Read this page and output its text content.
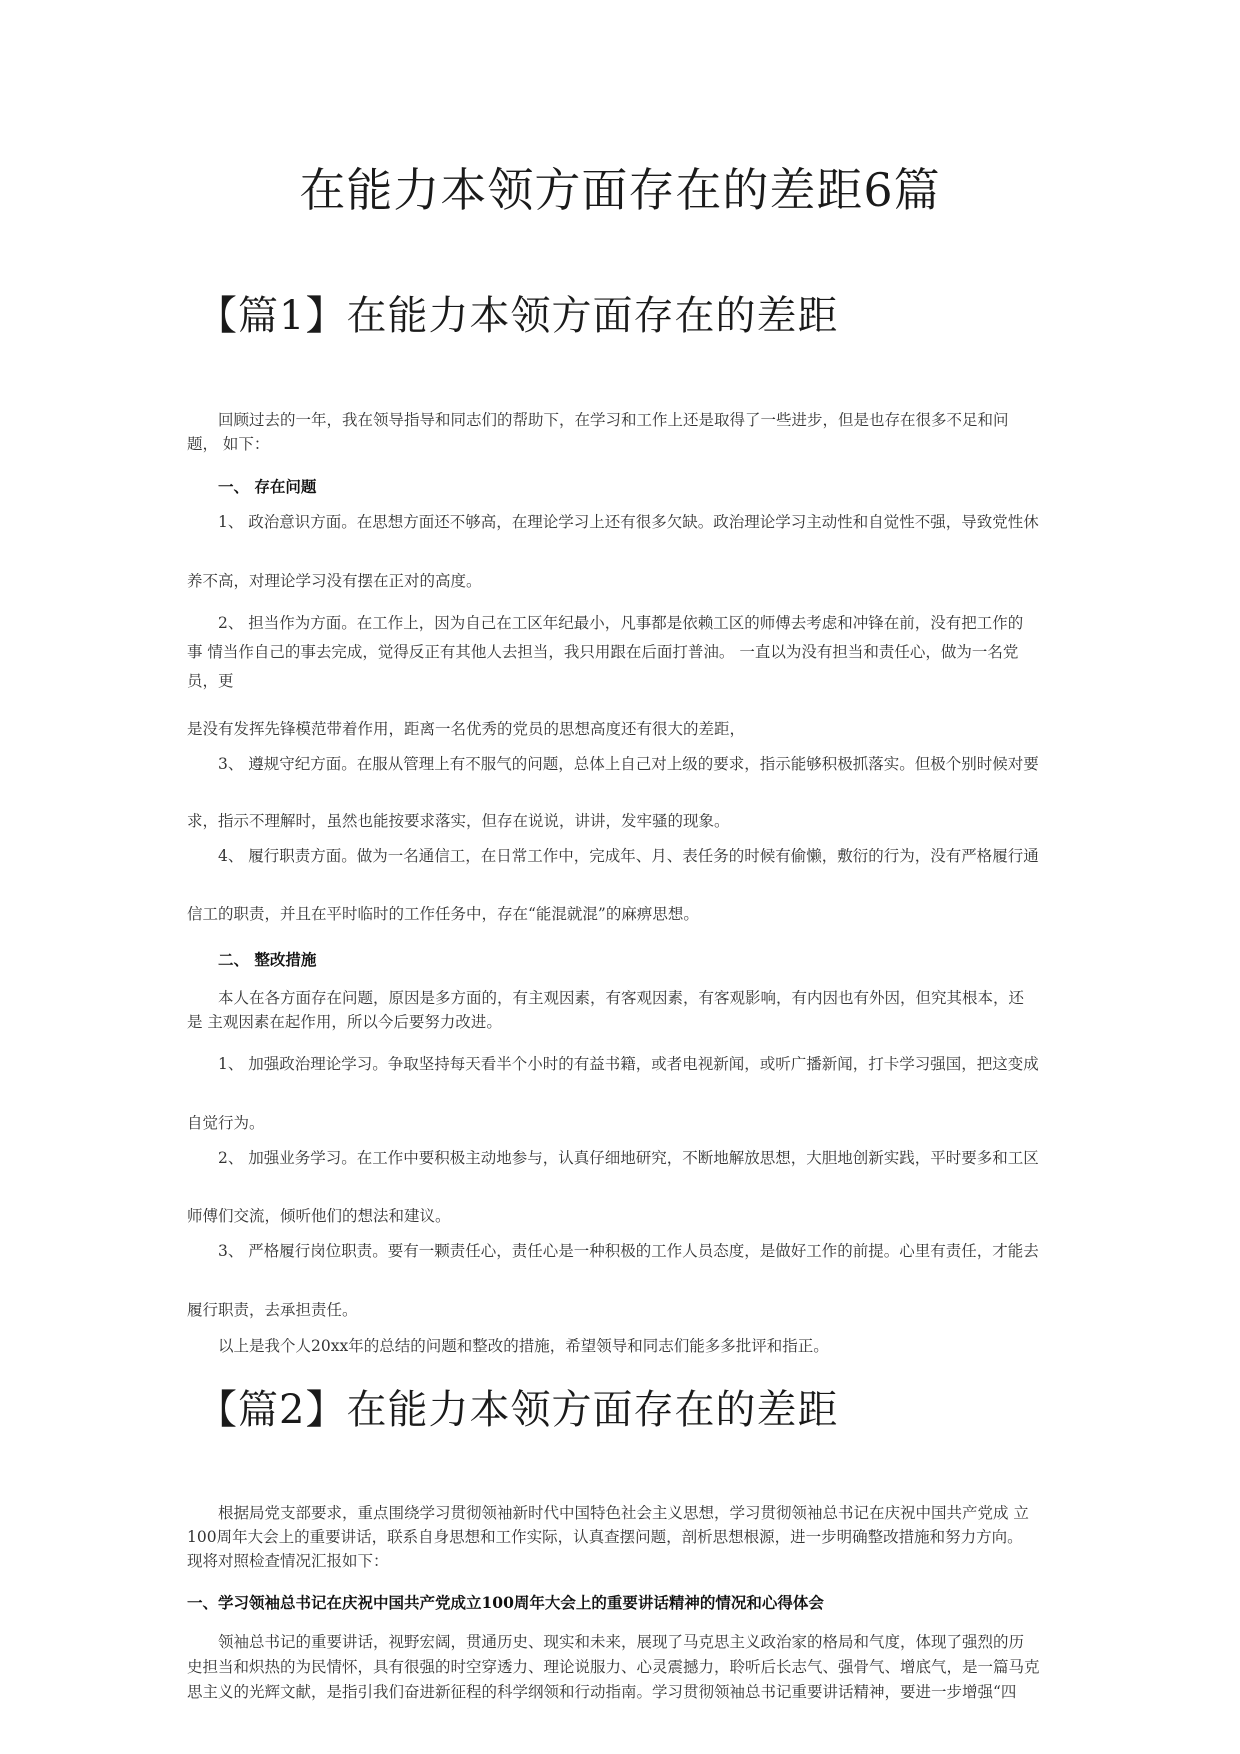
在能力本领方面存在的差距6篇
【篇1】在能力本领方面存在的差距
回顾过去的一年，我在领导指导和同志们的帮助下，在学习和工作上还是取得了一些进步，但是也存在很多不足和问
题， 如下：
一、 存在问题
1、 政治意识方面。在思想方面还不够高，在理论学习上还有很多欠缺。政治理论学习主动性和自觉性不强，导致党性休
养不高，对理论学习没有摆在正对的高度。
2、 担当作为方面。在工作上，因为自己在工区年纪最小，凡事都是依赖工区的师傅去考虑和冲锋在前，没有把工作的
事 情当作自己的事去完成，觉得反正有其他人去担当，我只用跟在后面打普油。 一直以为没有担当和责任心，做为一名党
员，更
是没有发挥先锋模范带着作用，距离一名优秀的党员的思想高度还有很大的差距，
3、 遵规守纪方面。在服从管理上有不服气的问题，总体上自己对上级的要求，指示能够积极抓落实。但极个别时候对要
求，指示不理解时，虽然也能按要求落实，但存在说说，讲讲，发牢骚的现象。
4、 履行职责方面。做为一名通信工，在日常工作中，完成年、月、表任务的时候有偷懒，敷衍的行为，没有严格履行通
信工的职责，并且在平时临时的工作任务中，存在“能混就混”的麻痹思想。
二、 整改措施
本人在各方面存在问题，原因是多方面的，有主观因素，有客观因素，有客观影响，有内因也有外因，但究其根本，还
是 主观因素在起作用，所以今后要努力改进。
1、 加强政治理论学习。争取坚持每天看半个小时的有益书籍，或者电视新闻，或听广播新闻，打卡学习强国，把这变成
自觉行为。
2、 加强业务学习。在工作中要积极主动地参与，认真仔细地研究，不断地解放思想，大胆地创新实践，平时要多和工区
师傅们交流，倾听他们的想法和建议。
3、 严格履行岗位职责。要有一颗责任心，责任心是一种积极的工作人员态度，是做好工作的前提。心里有责任，才能去
履行职责，去承担责任。
以上是我个人20xx年的总结的问题和整改的措施，希望领导和同志们能多多批评和指正。
【篇2】在能力本领方面存在的差距
根据局党支部要求，重点围绕学习贯彻领袖新时代中国特色社会主义思想，学习贯彻领袖总书记在庆祝中国共产党成 立
100周年大会上的重要讲话，联系自身思想和工作实际，认真查摆问题，剖析思想根源，进一步明确整改措施和努力方向。
现将对照检查情况汇报如下：
一、学习领袖总书记在庆祝中国共产党成立100周年大会上的重要讲话精神的情况和心得体会
领袖总书记的重要讲话，视野宏阔，贯通历史、现实和未来，展现了马克思主义政治家的格局和气度，体现了强烈的历
史担当和炽热的为民情怀，具有很强的时空穿透力、理论说服力、心灵震撼力，聆听后长志气、强骨气、增底气，是一篇马克
思主义的光辉文献，是指引我们奋进新征程的科学纲领和行动指南。学习贯彻领袖总书记重要讲话精神，要进一步增强“四
